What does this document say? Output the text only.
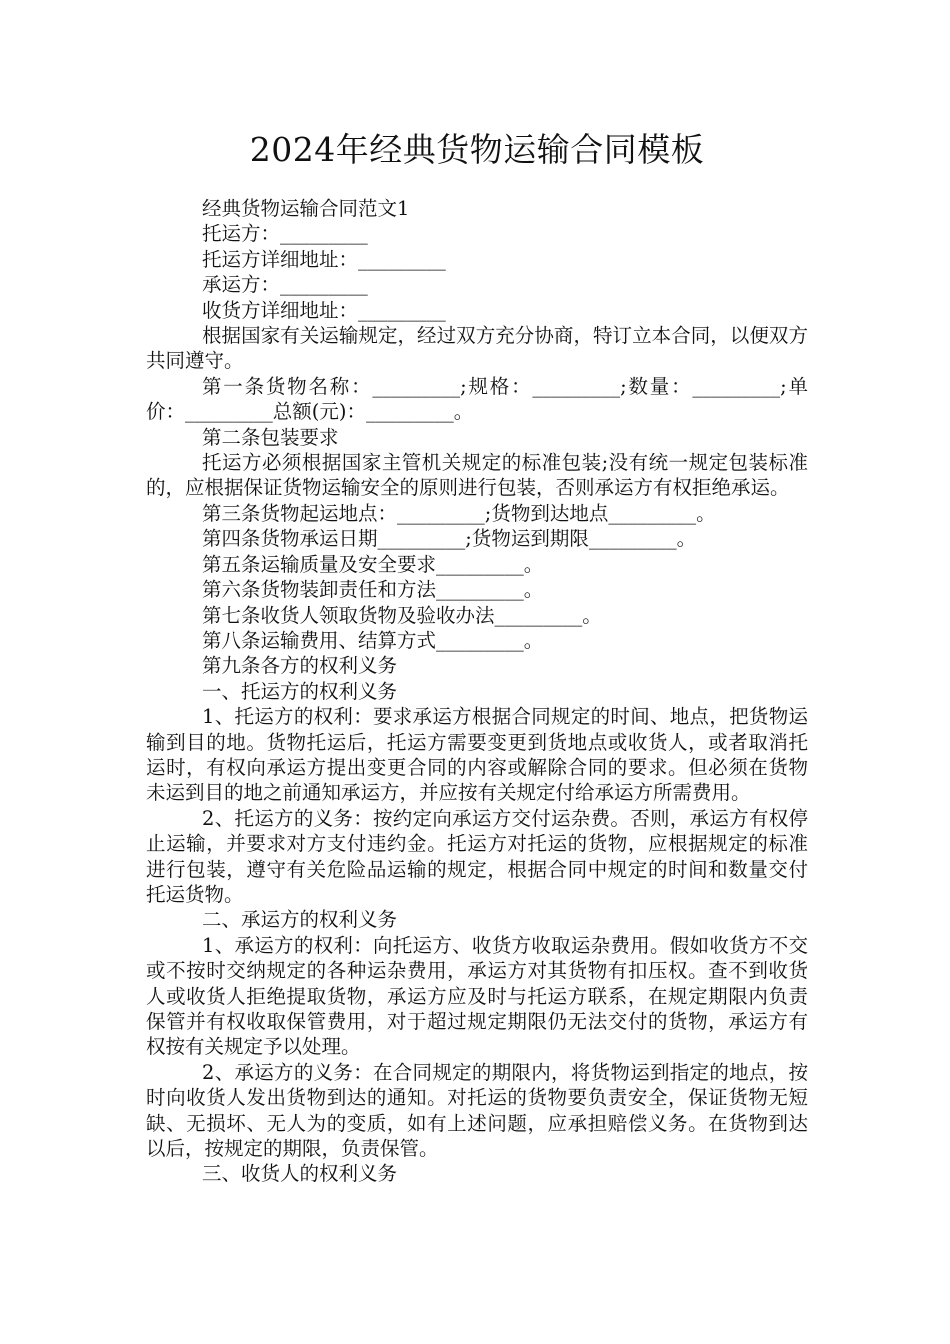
2024年经典货物运输合同模板

经典货物运输合同范文1

托运方：_________

托运方详细地址：_________

承运方：_________

收货方详细地址：_________

根据国家有关运输规定，经过双方充分协商，特订立本合同，以便双方共同遵守。

第一条货物名称：_________;规格：_________;数量：_________;单价：_________总额(元)：_________。

第二条包装要求

托运方必须根据国家主管机关规定的标准包装;没有统一规定包装标准的，应根据保证货物运输安全的原则进行包装，否则承运方有权拒绝承运。

第三条货物起运地点：_________;货物到达地点_________。

第四条货物承运日期_________;货物运到期限_________。

第五条运输质量及安全要求_________。

第六条货物装卸责任和方法_________。

第七条收货人领取货物及验收办法_________。

第八条运输费用、结算方式_________。

第九条各方的权利义务

一、托运方的权利义务

1、托运方的权利：要求承运方根据合同规定的时间、地点，把货物运输到目的地。货物托运后，托运方需要变更到货地点或收货人，或者取消托运时，有权向承运方提出变更合同的内容或解除合同的要求。但必须在货物未运到目的地之前通知承运方，并应按有关规定付给承运方所需费用。

2、托运方的义务：按约定向承运方交付运杂费。否则，承运方有权停止运输，并要求对方支付违约金。托运方对托运的货物，应根据规定的标准进行包装，遵守有关危险品运输的规定，根据合同中规定的时间和数量交付托运货物。

二、承运方的权利义务

1、承运方的权利：向托运方、收货方收取运杂费用。假如收货方不交或不按时交纳规定的各种运杂费用，承运方对其货物有扣压权。查不到收货人或收货人拒绝提取货物，承运方应及时与托运方联系，在规定期限内负责保管并有权收取保管费用，对于超过规定期限仍无法交付的货物，承运方有权按有关规定予以处理。

2、承运方的义务：在合同规定的期限内，将货物运到指定的地点，按时向收货人发出货物到达的通知。对托运的货物要负责安全，保证货物无短缺、无损坏、无人为的变质，如有上述问题，应承担赔偿义务。在货物到达以后，按规定的期限，负责保管。

三、收货人的权利义务
